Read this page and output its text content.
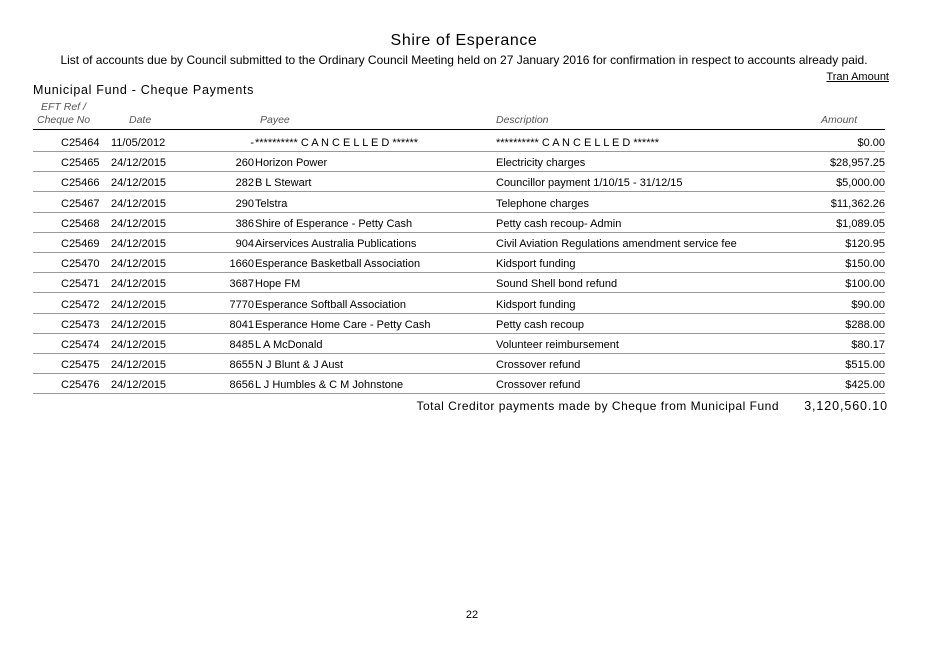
Shire of Esperance
List of accounts due by Council submitted to the Ordinary Council Meeting held on 27 January 2016 for confirmation in respect to accounts already paid.
Tran Amount
Municipal Fund - Cheque Payments
EFT Ref /
Cheque No	Date	Payee	Description	Amount
C25464 11/05/2012	- ********** C A N C E L L E D ******	********** C A N C E L L E D ******	$0.00
C25465 24/12/2015	260 Horizon Power	Electricity charges	$28,957.25
C25466 24/12/2015	282 B L Stewart	Councillor payment 1/10/15 - 31/12/15	$5,000.00
C25467 24/12/2015	290 Telstra	Telephone charges	$11,362.26
C25468 24/12/2015	386 Shire of Esperance - Petty Cash	Petty cash recoup- Admin	$1,089.05
C25469 24/12/2015	904 Airservices Australia Publications	Civil Aviation Regulations amendment service fee	$120.95
C25470 24/12/2015	1660 Esperance Basketball Association	Kidsport funding	$150.00
C25471 24/12/2015	3687 Hope FM	Sound Shell bond refund	$100.00
C25472 24/12/2015	7770 Esperance Softball Association	Kidsport funding	$90.00
C25473 24/12/2015	8041 Esperance Home Care - Petty Cash	Petty cash recoup	$288.00
C25474 24/12/2015	8485 L A McDonald	Volunteer reimbursement	$80.17
C25475 24/12/2015	8655 N J Blunt & J Aust	Crossover refund	$515.00
C25476 24/12/2015	8656 L J Humbles & C M Johnstone	Crossover refund	$425.00
Total Creditor payments made by Cheque from Municipal Fund 3,120,560.10
22
